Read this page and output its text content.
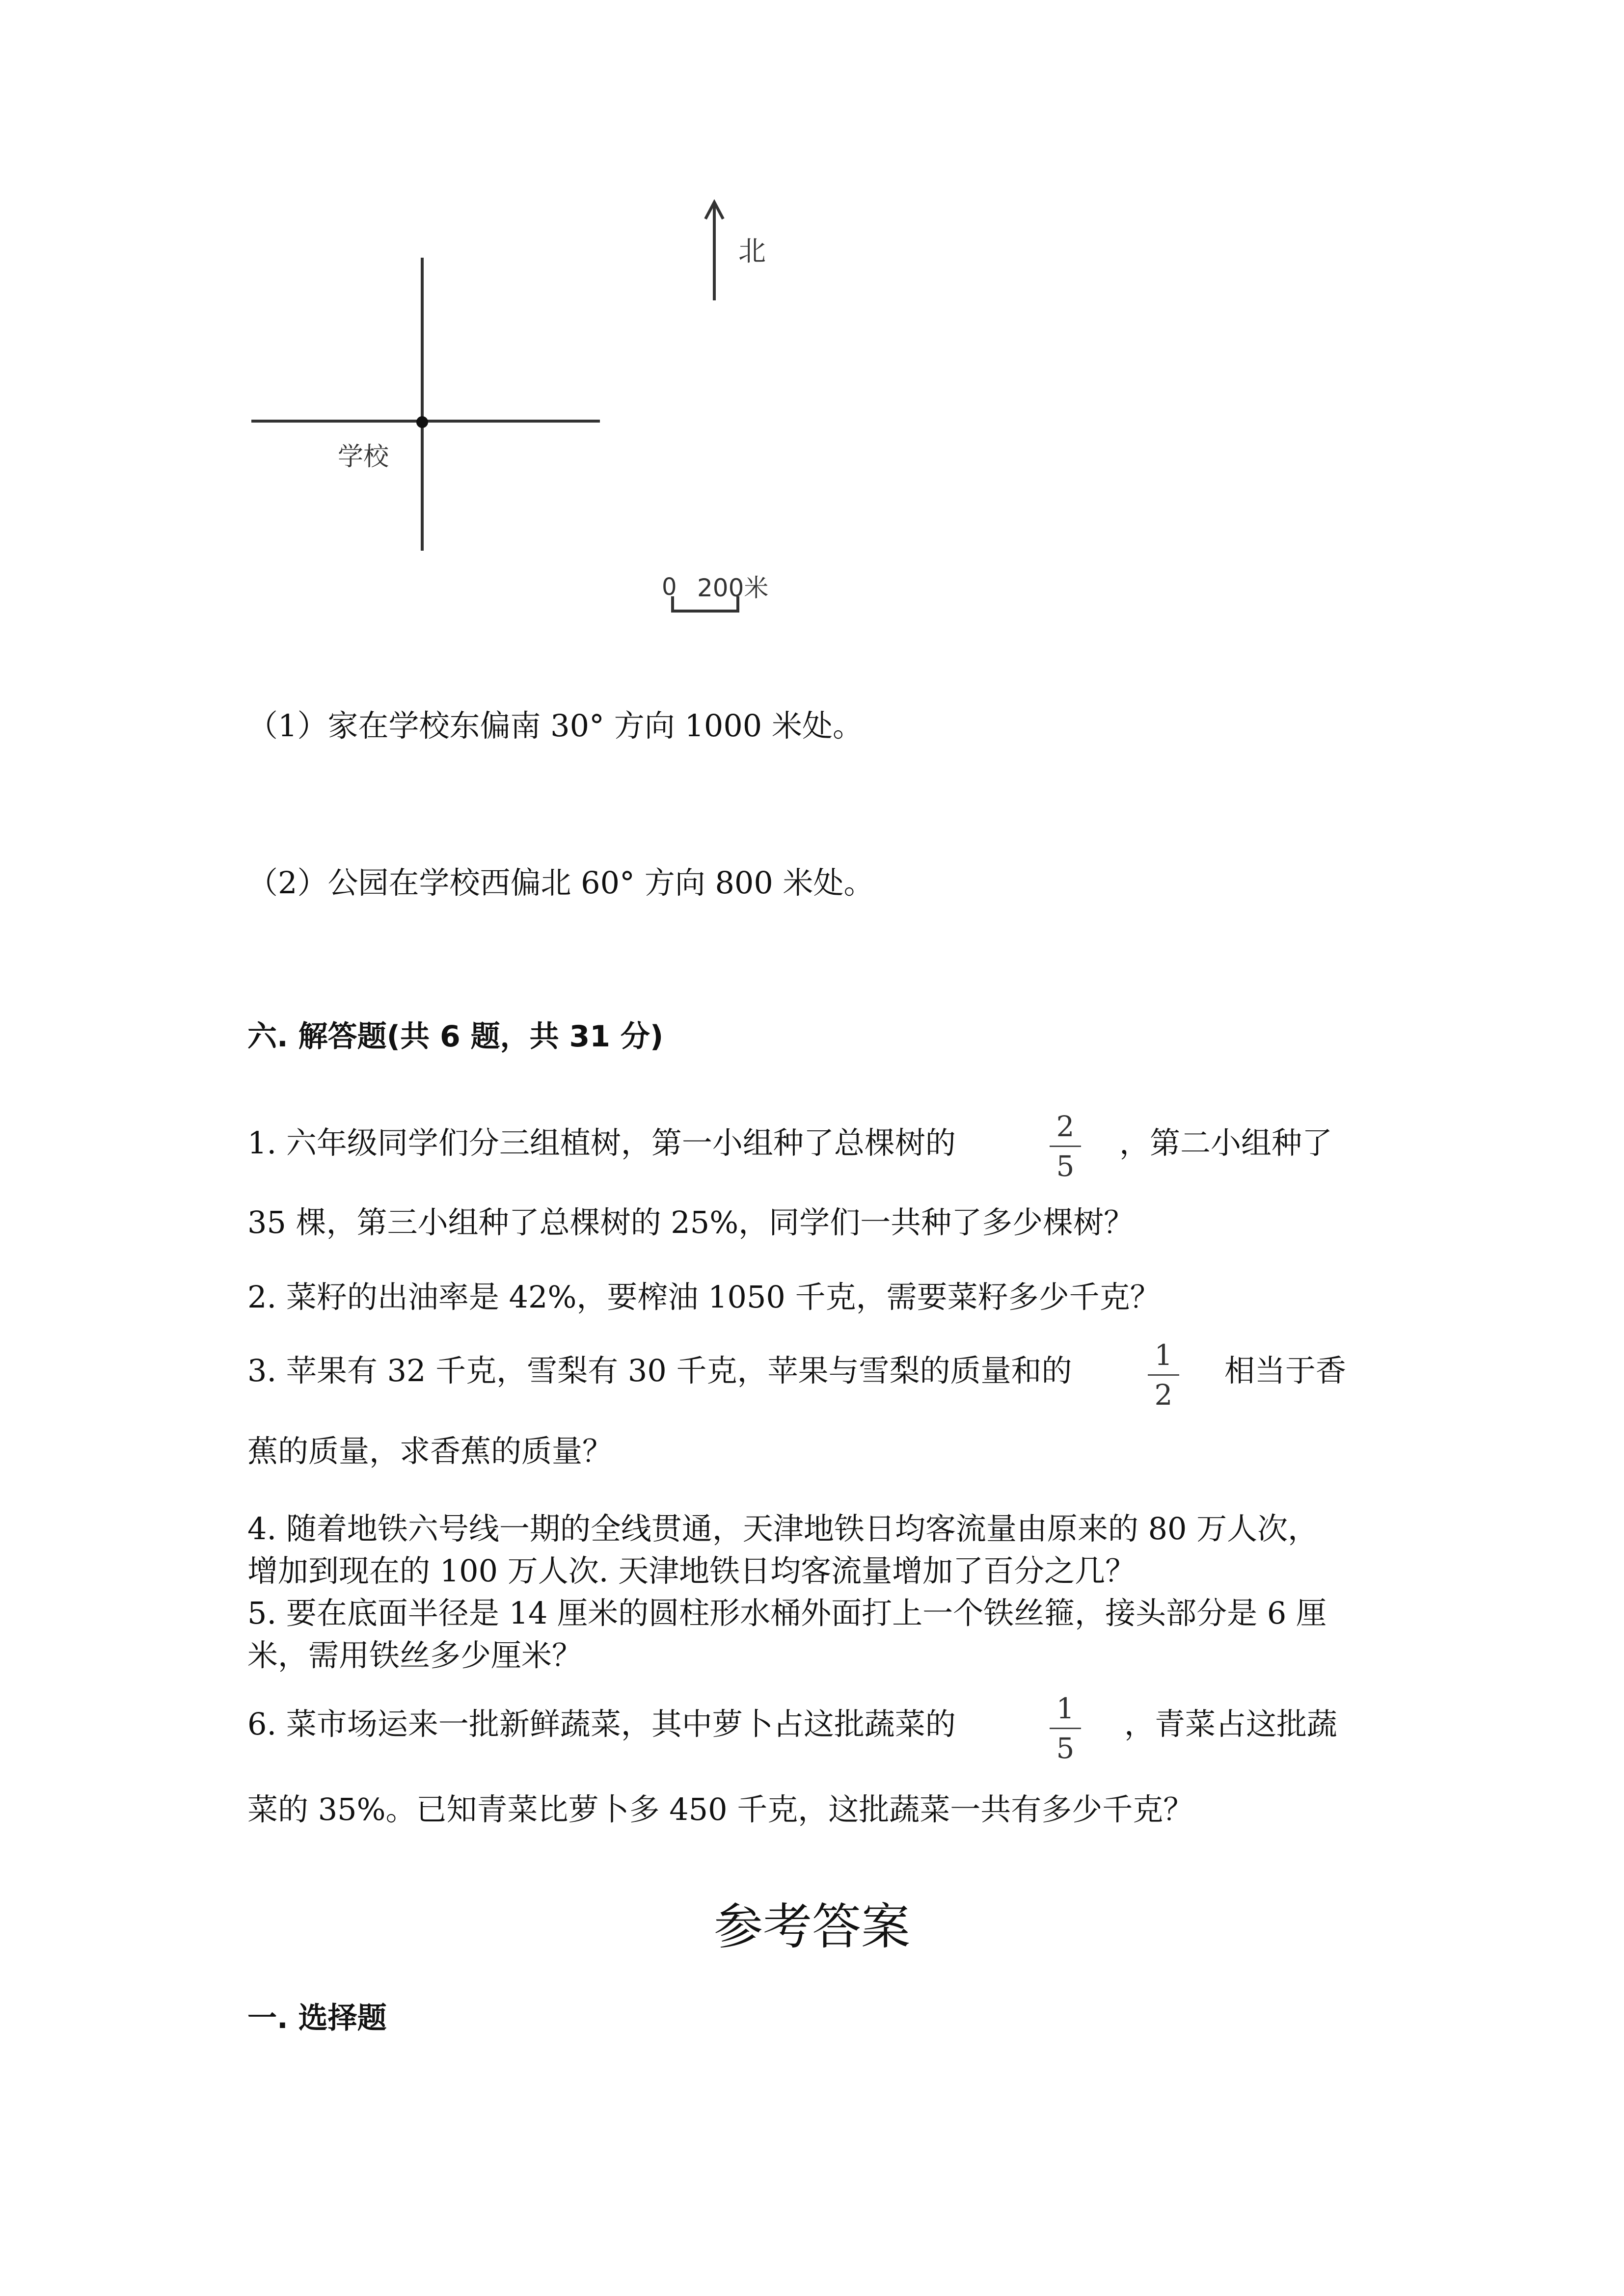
北
学校
0 200米
（1）家在学校东偏南 30° 方向 1000 米处。
（2）公园在学校西偏北 60° 方向 800 米处。
六. 解答题(共 6 题，共 31 分)
1. 六年级同学们分三组植树，第一小组种了总棵树的	2
5
，第二小组种了
35 棵，第三小组种了总棵树的 25%，同学们一共种了多少棵树？
2. 菜籽的出油率是 42%，要榨油 1050 千克，需要菜籽多少千克？
3. 苹果有 32 千克，雪梨有 30 千克，苹果与雪梨的质量和的	1
2
相当于香
蕉的质量，求香蕉的质量？
4. 随着地铁六号线一期的全线贯通，天津地铁日均客流量由原来的 80 万人次，
增加到现在的 100 万人次. 天津地铁日均客流量增加了百分之几？
5. 要在底面半径是 14 厘米的圆柱形水桶外面打上一个铁丝箍，接头部分是 6 厘
米，需用铁丝多少厘米？
6. 菜市场运来一批新鲜蔬菜，其中萝卜占这批蔬菜的	1
5
，青菜占这批蔬
菜的 35%。已知青菜比萝卜多 450 千克，这批蔬菜一共有多少千克？
参考答案
一. 选择题
